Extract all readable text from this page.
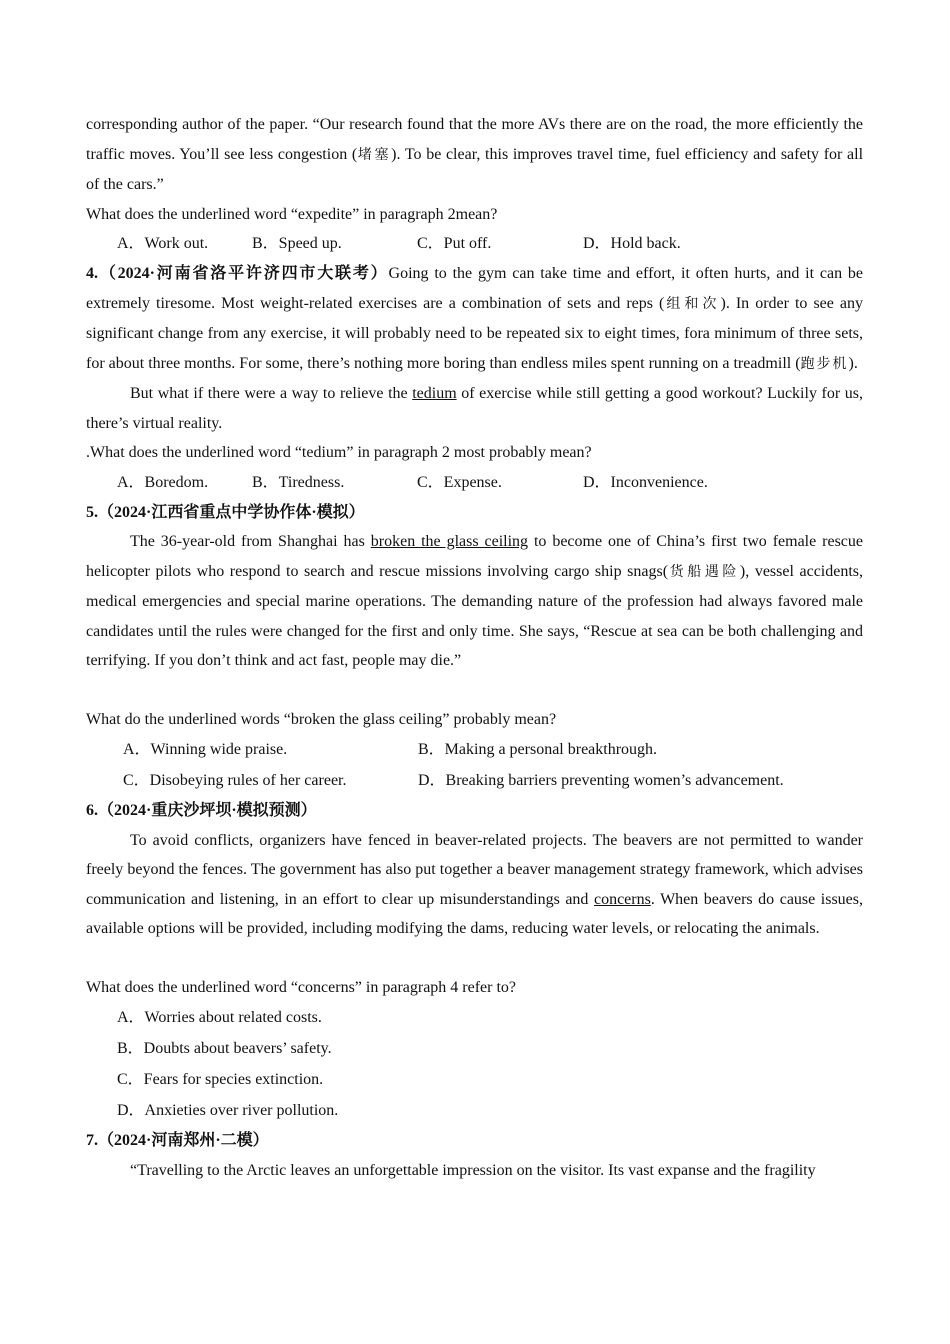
corresponding author of the paper. “Our research found that the more AVs there are on the road, the more efficiently the traffic moves. You’ll see less congestion (堵塞). To be clear, this improves travel time, fuel efficiency and safety for all of the cars.”

What does the underlined word “expedite” in paragraph 2mean?

A．Work out.	B．Speed up.	C．Put off.	D．Hold back.

4.（2024·河南省洛平许济四市大联考）Going to the gym can take time and effort, it often hurts, and it can be extremely tiresome. Most weight-related exercises are a combination of sets and reps (组和次). In order to see any significant change from any exercise, it will probably need to be repeated six to eight times, fora minimum of three sets, for about three months. For some, there’s nothing more boring than endless miles spent running on a treadmill (跑步机).

But what if there were a way to relieve the tedium of exercise while still getting a good workout? Luckily for us, there’s virtual reality.

.What does the underlined word “tedium” in paragraph 2 most probably mean?

A．Boredom.	B．Tiredness.	C．Expense.	D．Inconvenience.

5.（2024·江西省重点中学协作体·模拟）

The 36-year-old from Shanghai has broken the glass ceiling to become one of China’s first two female rescue helicopter pilots who respond to search and rescue missions involving cargo ship snags(货船遇险), vessel accidents, medical emergencies and special marine operations. The demanding nature of the profession had always favored male candidates until the rules were changed for the first and only time. She says, “Rescue at sea can be both challenging and terrifying. If you don’t think and act fast, people may die.”

What do the underlined words “broken the glass ceiling” probably mean?

A．Winning wide praise.	B．Making a personal breakthrough.
C．Disobeying rules of her career.	D．Breaking barriers preventing women’s advancement.

6.（2024·重庆沙坪坝·模拟预测）

To avoid conflicts, organizers have fenced in beaver-related projects. The beavers are not permitted to wander freely beyond the fences. The government has also put together a beaver management strategy framework, which advises communication and listening, in an effort to clear up misunderstandings and concerns. When beavers do cause issues, available options will be provided, including modifying the dams, reducing water levels, or relocating the animals.

What does the underlined word “concerns” in paragraph 4 refer to?

A．Worries about related costs.
B．Doubts about beavers’ safety.
C．Fears for species extinction.
D．Anxieties over river pollution.

7.（2024·河南郑州·二模）

“Travelling to the Arctic leaves an unforgettable impression on the visitor. Its vast expanse and the fragility
